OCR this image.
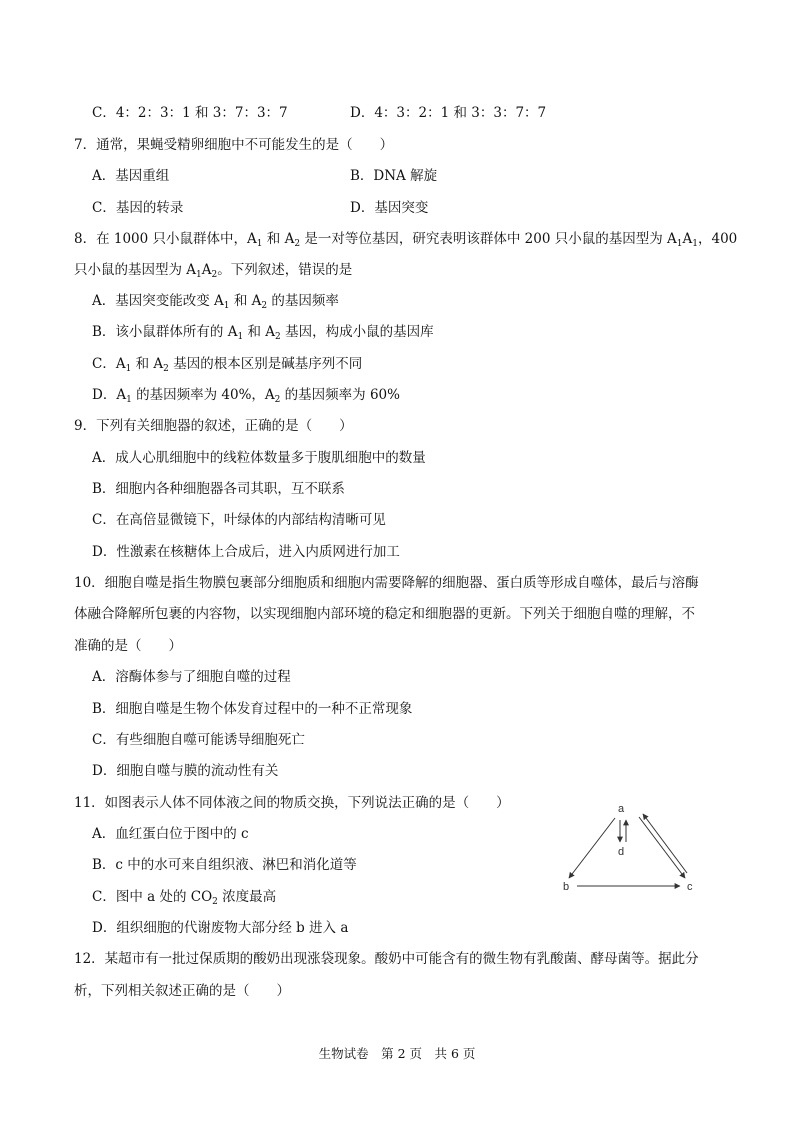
C．4：2：3：1 和 3：7：3：7	D．4：3：2：1 和 3：3：7：7
7．通常，果蝇受精卵细胞中不可能发生的是（　　）
A．基因重组	B．DNA 解旋
C．基因的转录	D．基因突变
8．在 1000 只小鼠群体中，$A_1$ 和 $A_2$ 是一对等位基因，研究表明该群体中 200 只小鼠的基因型为 $A_1A_1$，400
只小鼠的基因型为 $A_1A_2$。下列叙述，错误的是
A．基因突变能改变 $A_1$ 和 $A_2$ 的基因频率
B．该小鼠群体所有的 $A_1$ 和 $A_2$ 基因，构成小鼠的基因库
C．$A_1$ 和 $A_2$ 基因的根本区别是碱基序列不同
D．$A_1$ 的基因频率为 40%，$A_2$ 的基因频率为 60%
9．下列有关细胞器的叙述，正确的是（　　）
A．成人心肌细胞中的线粒体数量多于腹肌细胞中的数量
B．细胞内各种细胞器各司其职，互不联系
C．在高倍显微镜下，叶绿体的内部结构清晰可见
D．性激素在核糖体上合成后，进入内质网进行加工
10．细胞自噬是指生物膜包裹部分细胞质和细胞内需要降解的细胞器、蛋白质等形成自噬体，最后与溶酶
体融合降解所包裹的内容物，以实现细胞内部环境的稳定和细胞器的更新。下列关于细胞自噬的理解，不
准确的是（　　）
A．溶酶体参与了细胞自噬的过程
B．细胞自噬是生物个体发育过程中的一种不正常现象
C．有些细胞自噬可能诱导细胞死亡
D．细胞自噬与膜的流动性有关
11．如图表示人体不同体液之间的物质交换，下列说法正确的是（　　）
A．血红蛋白位于图中的 c
B．c 中的水可来自组织液、淋巴和消化道等
C．图中 a 处的 $CO_2$ 浓度最高
D．组织细胞的代谢废物大部分经 b 进入 a
a
d
b	c
12．某超市有一批过保质期的酸奶出现涨袋现象。酸奶中可能含有的微生物有乳酸菌、酵母菌等。据此分
析，下列相关叙述正确的是（　　）
生物试卷　第 2 页　共 6 页
